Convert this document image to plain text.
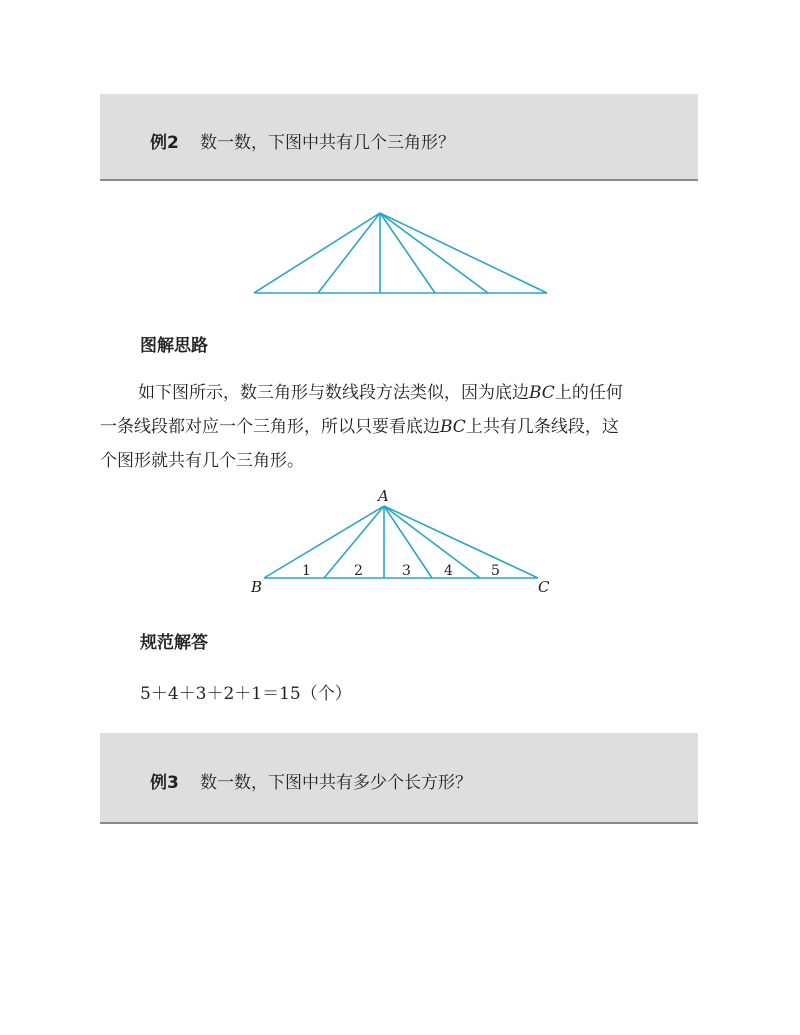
例2 数一数，下图中共有几个三角形？
A
B	C
1	2	3 4	5
图解思路
如下图所示，数三角形与数线段方法类似，因为底边BC上的任何
一条线段都对应一个三角形，所以只要看底边BC上共有几条线段，这
个图形就共有几个三角形。
规范解答
5＋4＋3＋2＋1＝15（个）
例3 数一数，下图中共有多少个长方形？
